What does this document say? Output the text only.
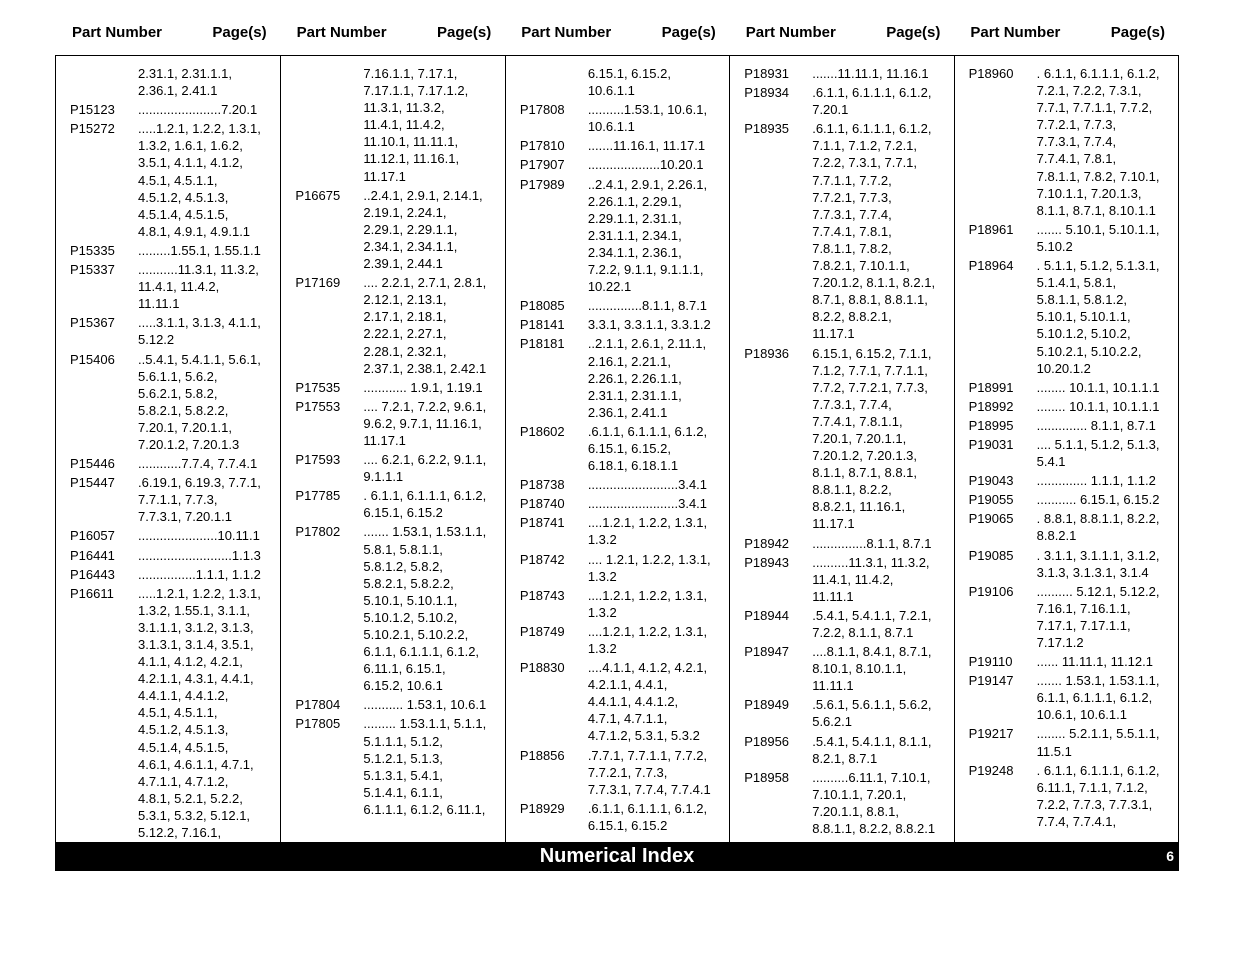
Part Number	Page(s) Part Number	Page(s) Part Number	Page(s) Part Number	Page(s) Part Number	Page(s)
2.31.1, 2.31.1.1,
2.36.1, 2.41.1
P15123	.......................7.20.1
P15272	.....1.2.1, 1.2.2, 1.3.1,
1.3.2, 1.6.1, 1.6.2,
3.5.1, 4.1.1, 4.1.2,
4.5.1, 4.5.1.1,
4.5.1.2, 4.5.1.3,
4.5.1.4, 4.5.1.5,
4.8.1, 4.9.1, 4.9.1.1
P15335	.........1.55.1, 1.55.1.1
P15337	...........11.3.1, 11.3.2,
11.4.1, 11.4.2,
11.11.1
P15367	.....3.1.1, 3.1.3, 4.1.1,
5.12.2
P15406	..5.4.1, 5.4.1.1, 5.6.1,
5.6.1.1, 5.6.2,
5.6.2.1, 5.8.2,
5.8.2.1, 5.8.2.2,
7.20.1, 7.20.1.1,
7.20.1.2, 7.20.1.3
P15446	............7.7.4, 7.7.4.1
P15447	.6.19.1, 6.19.3, 7.7.1,
7.7.1.1, 7.7.3,
7.7.3.1, 7.20.1.1
P16057	......................10.11.1
P16441	..........................1.1.3
P16443	................1.1.1, 1.1.2
P16611	.....1.2.1, 1.2.2, 1.3.1,
1.3.2, 1.55.1, 3.1.1,
3.1.1.1, 3.1.2, 3.1.3,
3.1.3.1, 3.1.4, 3.5.1,
4.1.1, 4.1.2, 4.2.1,
4.2.1.1, 4.3.1, 4.4.1,
4.4.1.1, 4.4.1.2,
4.5.1, 4.5.1.1,
4.5.1.2, 4.5.1.3,
4.5.1.4, 4.5.1.5,
4.6.1, 4.6.1.1, 4.7.1,
4.7.1.1, 4.7.1.2,
4.8.1, 5.2.1, 5.2.2,
5.3.1, 5.3.2, 5.12.1,
5.12.2, 7.16.1,
7.16.1.1, 7.17.1,
7.17.1.1, 7.17.1.2,
11.3.1, 11.3.2,
11.4.1, 11.4.2,
11.10.1, 11.11.1,
11.12.1, 11.16.1,
11.17.1
P16675	..2.4.1, 2.9.1, 2.14.1,
2.19.1, 2.24.1,
2.29.1, 2.29.1.1,
2.34.1, 2.34.1.1,
2.39.1, 2.44.1
P17169	.... 2.2.1, 2.7.1, 2.8.1,
2.12.1, 2.13.1,
2.17.1, 2.18.1,
2.22.1, 2.27.1,
2.28.1, 2.32.1,
2.37.1, 2.38.1, 2.42.1
P17535	............ 1.9.1, 1.19.1
P17553	.... 7.2.1, 7.2.2, 9.6.1,
9.6.2, 9.7.1, 11.16.1,
11.17.1
P17593	.... 6.2.1, 6.2.2, 9.1.1,
9.1.1.1
P17785	. 6.1.1, 6.1.1.1, 6.1.2,
6.15.1, 6.15.2
P17802	....... 1.53.1, 1.53.1.1,
5.8.1, 5.8.1.1,
5.8.1.2, 5.8.2,
5.8.2.1, 5.8.2.2,
5.10.1, 5.10.1.1,
5.10.1.2, 5.10.2,
5.10.2.1, 5.10.2.2,
6.1.1, 6.1.1.1, 6.1.2,
6.11.1, 6.15.1,
6.15.2, 10.6.1
P17804	........... 1.53.1, 10.6.1
P17805	......... 1.53.1.1, 5.1.1,
5.1.1.1, 5.1.2,
5.1.2.1, 5.1.3,
5.1.3.1, 5.4.1,
5.1.4.1, 6.1.1,
6.1.1.1, 6.1.2, 6.11.1,
6.15.1, 6.15.2,
10.6.1.1
P17808	..........1.53.1, 10.6.1,
10.6.1.1
P17810	.......11.16.1, 11.17.1
P17907	....................10.20.1
P17989	..2.4.1, 2.9.1, 2.26.1,
2.26.1.1, 2.29.1,
2.29.1.1, 2.31.1,
2.31.1.1, 2.34.1,
2.34.1.1, 2.36.1,
7.2.2, 9.1.1, 9.1.1.1,
10.22.1
P18085	...............8.1.1, 8.7.1
P18141	3.3.1, 3.3.1.1, 3.3.1.2
P18181	..2.1.1, 2.6.1, 2.11.1,
2.16.1, 2.21.1,
2.26.1, 2.26.1.1,
2.31.1, 2.31.1.1,
2.36.1, 2.41.1
P18602	.6.1.1, 6.1.1.1, 6.1.2,
6.15.1, 6.15.2,
6.18.1, 6.18.1.1
P18738	.........................3.4.1
P18740	.........................3.4.1
P18741	....1.2.1, 1.2.2, 1.3.1,
1.3.2
P18742	.... 1.2.1, 1.2.2, 1.3.1,
1.3.2
P18743	....1.2.1, 1.2.2, 1.3.1,
1.3.2
P18749	....1.2.1, 1.2.2, 1.3.1,
1.3.2
P18830	....4.1.1, 4.1.2, 4.2.1,
4.2.1.1, 4.4.1,
4.4.1.1, 4.4.1.2,
4.7.1, 4.7.1.1,
4.7.1.2, 5.3.1, 5.3.2
P18856	.7.7.1, 7.7.1.1, 7.7.2,
7.7.2.1, 7.7.3,
7.7.3.1, 7.7.4, 7.7.4.1
P18929	.6.1.1, 6.1.1.1, 6.1.2,
6.15.1, 6.15.2
P18931	.......11.11.1, 11.16.1
P18934	.6.1.1, 6.1.1.1, 6.1.2,
7.20.1
P18935	.6.1.1, 6.1.1.1, 6.1.2,
7.1.1, 7.1.2, 7.2.1,
7.2.2, 7.3.1, 7.7.1,
7.7.1.1, 7.7.2,
7.7.2.1, 7.7.3,
7.7.3.1, 7.7.4,
7.7.4.1, 7.8.1,
7.8.1.1, 7.8.2,
7.8.2.1, 7.10.1.1,
7.20.1.2, 8.1.1, 8.2.1,
8.7.1, 8.8.1, 8.8.1.1,
8.2.2, 8.8.2.1,
11.17.1
P18936	6.15.1, 6.15.2, 7.1.1,
7.1.2, 7.7.1, 7.7.1.1,
7.7.2, 7.7.2.1, 7.7.3,
7.7.3.1, 7.7.4,
7.7.4.1, 7.8.1.1,
7.20.1, 7.20.1.1,
7.20.1.2, 7.20.1.3,
8.1.1, 8.7.1, 8.8.1,
8.8.1.1, 8.2.2,
8.8.2.1, 11.16.1,
11.17.1
P18942	...............8.1.1, 8.7.1
P18943	..........11.3.1, 11.3.2,
11.4.1, 11.4.2,
11.11.1
P18944	.5.4.1, 5.4.1.1, 7.2.1,
7.2.2, 8.1.1, 8.7.1
P18947	....8.1.1, 8.4.1, 8.7.1,
8.10.1, 8.10.1.1,
11.11.1
P18949	.5.6.1, 5.6.1.1, 5.6.2,
5.6.2.1
P18956	.5.4.1, 5.4.1.1, 8.1.1,
8.2.1, 8.7.1
P18958	..........6.11.1, 7.10.1,
7.10.1.1, 7.20.1,
7.20.1.1, 8.8.1,
8.8.1.1, 8.2.2, 8.8.2.1
P18960	. 6.1.1, 6.1.1.1, 6.1.2,
7.2.1, 7.2.2, 7.3.1,
7.7.1, 7.7.1.1, 7.7.2,
7.7.2.1, 7.7.3,
7.7.3.1, 7.7.4,
7.7.4.1, 7.8.1,
7.8.1.1, 7.8.2, 7.10.1,
7.10.1.1, 7.20.1.3,
8.1.1, 8.7.1, 8.10.1.1
P18961	....... 5.10.1, 5.10.1.1,
5.10.2
P18964	. 5.1.1, 5.1.2, 5.1.3.1,
5.1.4.1, 5.8.1,
5.8.1.1, 5.8.1.2,
5.10.1, 5.10.1.1,
5.10.1.2, 5.10.2,
5.10.2.1, 5.10.2.2,
10.20.1.2
P18991	........ 10.1.1, 10.1.1.1
P18992	........ 10.1.1, 10.1.1.1
P18995	.............. 8.1.1, 8.7.1
P19031	.... 5.1.1, 5.1.2, 5.1.3,
5.4.1
P19043	.............. 1.1.1, 1.1.2
P19055	........... 6.15.1, 6.15.2
P19065	. 8.8.1, 8.8.1.1, 8.2.2,
8.8.2.1
P19085	. 3.1.1, 3.1.1.1, 3.1.2,
3.1.3, 3.1.3.1, 3.1.4
P19106	.......... 5.12.1, 5.12.2,
7.16.1, 7.16.1.1,
7.17.1, 7.17.1.1,
7.17.1.2
P19110	...... 11.11.1, 11.12.1
P19147	....... 1.53.1, 1.53.1.1,
6.1.1, 6.1.1.1, 6.1.2,
10.6.1, 10.6.1.1
P19217	........ 5.2.1.1, 5.5.1.1,
11.5.1
P19248	. 6.1.1, 6.1.1.1, 6.1.2,
6.11.1, 7.1.1, 7.1.2,
7.2.2, 7.7.3, 7.7.3.1,
7.7.4, 7.7.4.1,
Numerical Index	6
